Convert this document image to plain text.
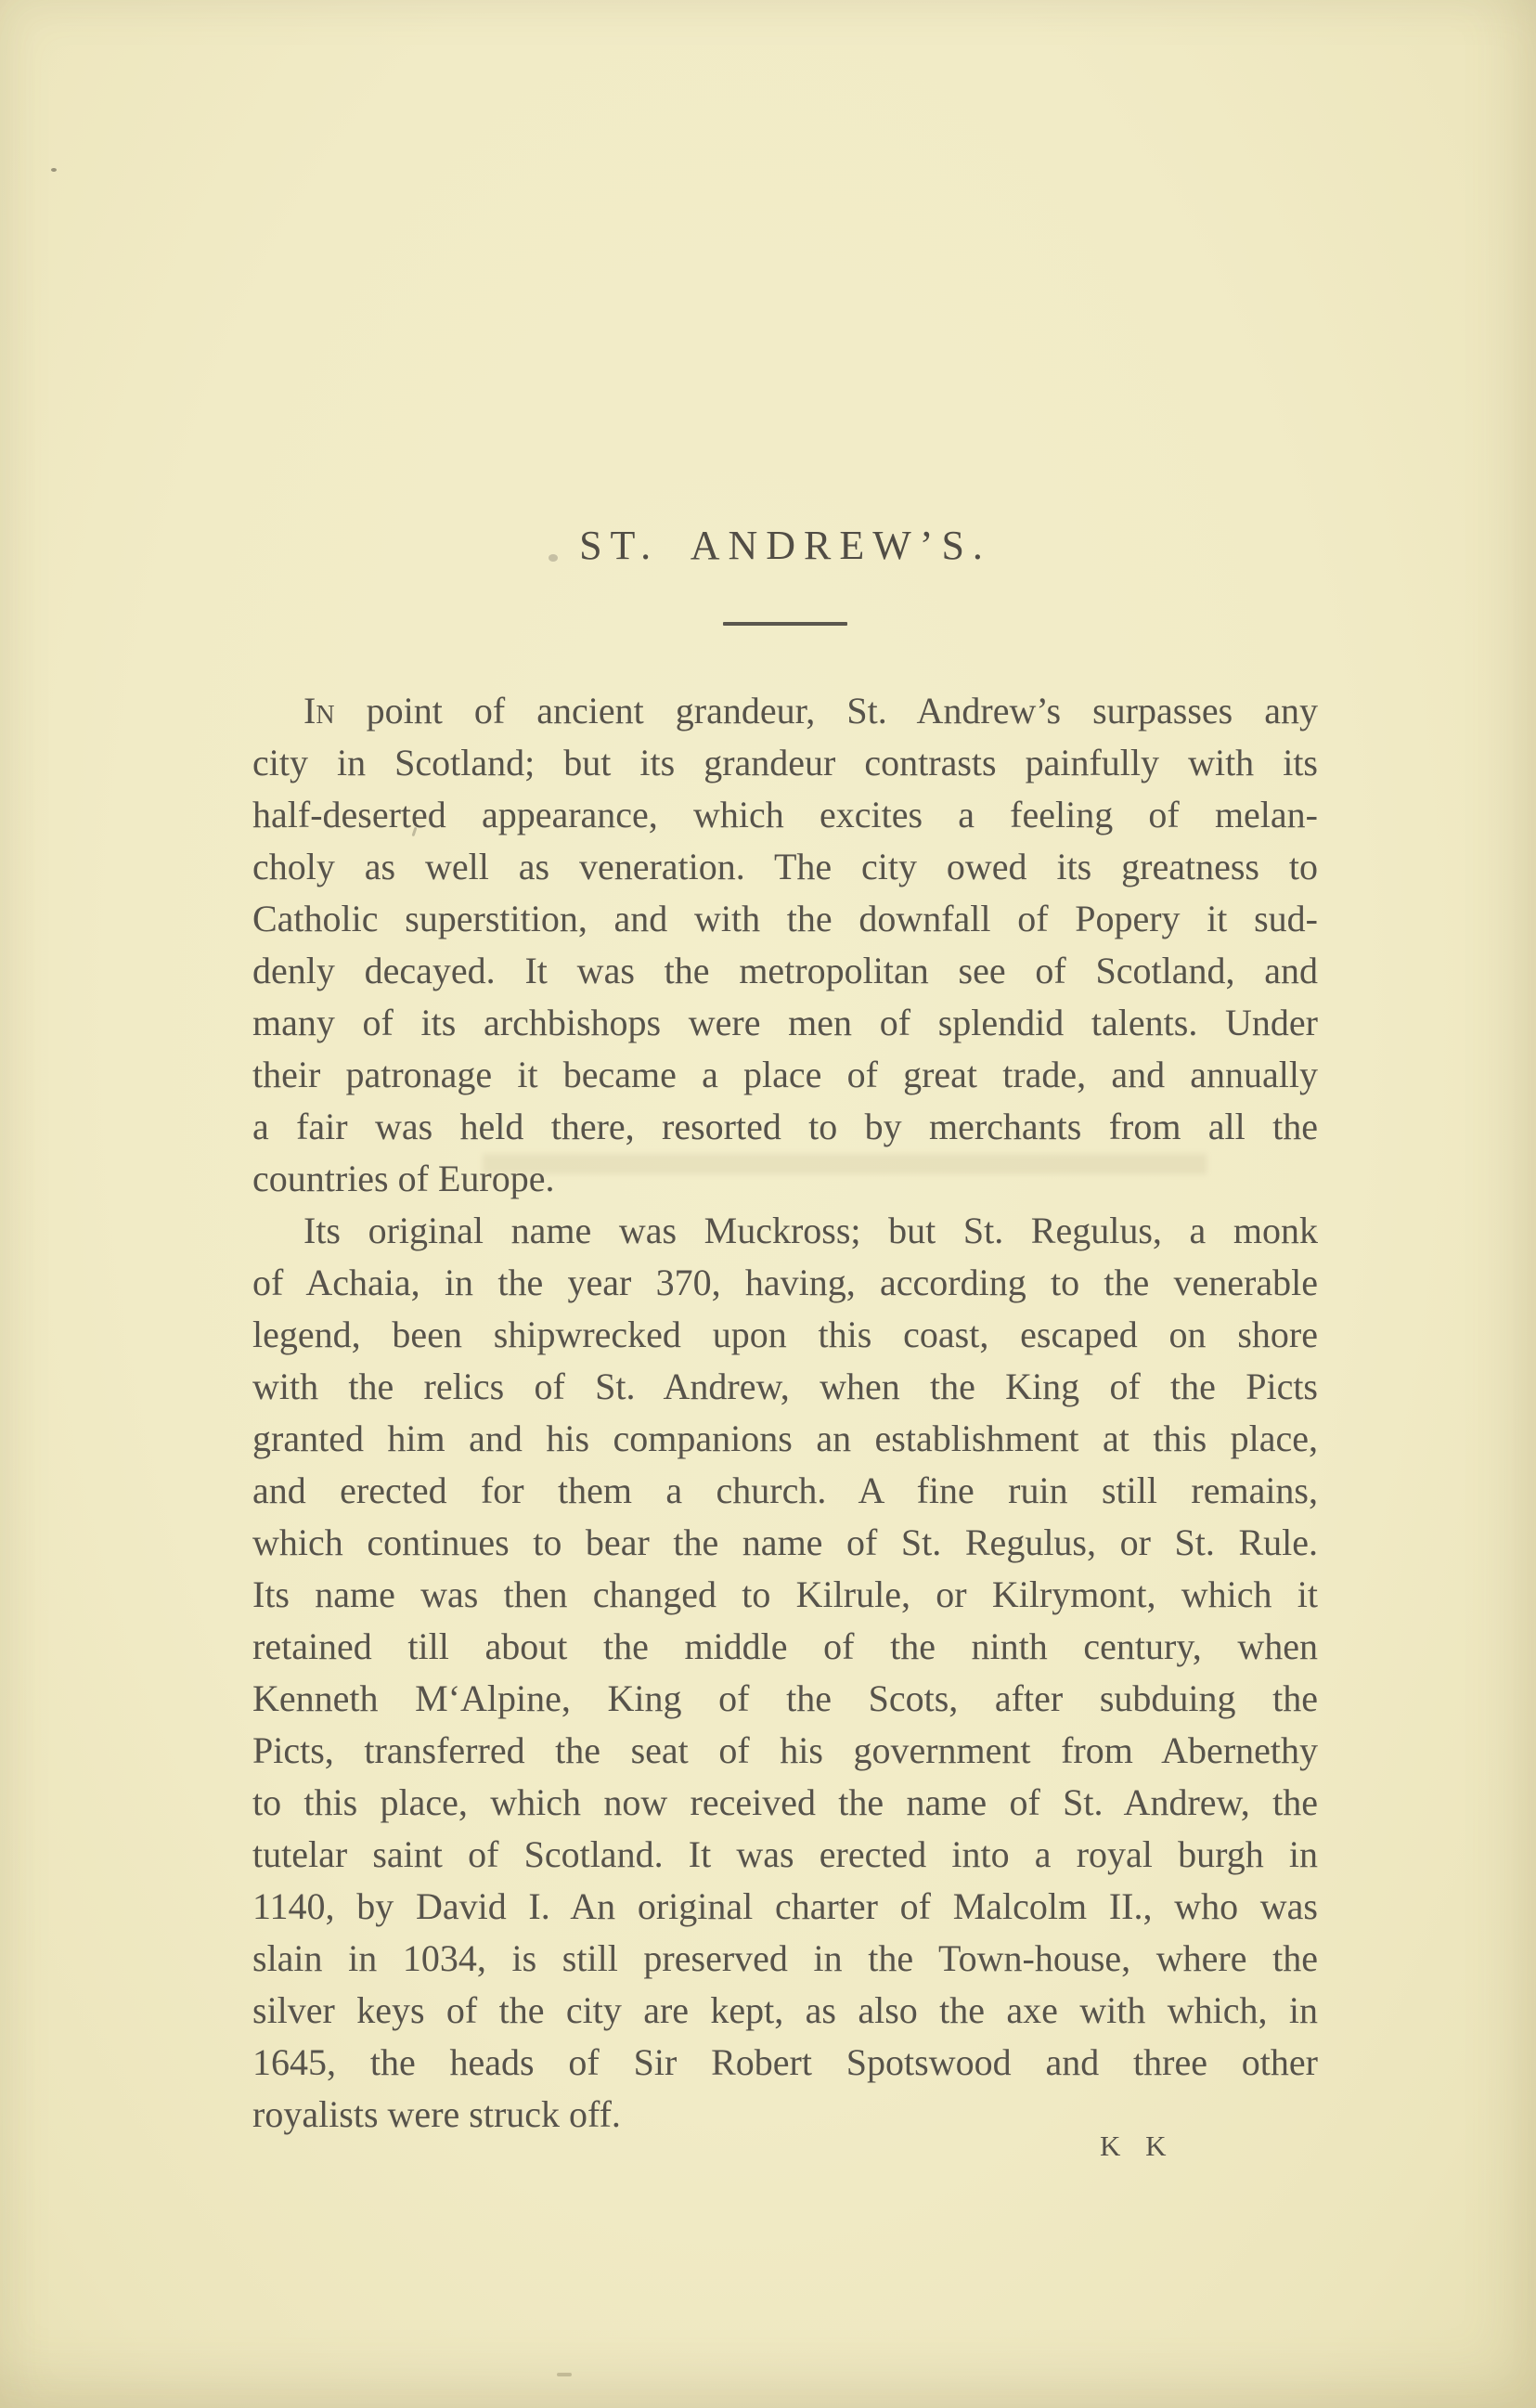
ST. ANDREW’S.
In point of ancient grandeur, St. Andrew’s surpasses any
city in Scotland; but its grandeur contrasts painfully with its
half-deserted appearance, which excites a feeling of melan-
choly as well as veneration. The city owed its greatness to
Catholic superstition, and with the downfall of Popery it sud-
denly decayed. It was the metropolitan see of Scotland, and
many of its archbishops were men of splendid talents. Under
their patronage it became a place of great trade, and annually
a fair was held there, resorted to by merchants from all the
countries of Europe.
Its original name was Muckross; but St. Regulus, a monk
of Achaia, in the year 370, having, according to the venerable
legend, been shipwrecked upon this coast, escaped on shore
with the relics of St. Andrew, when the King of the Picts
granted him and his companions an establishment at this place,
and erected for them a church. A fine ruin still remains,
which continues to bear the name of St. Regulus, or St. Rule.
Its name was then changed to Kilrule, or Kilrymont, which it
retained till about the middle of the ninth century, when
Kenneth M‘Alpine, King of the Scots, after subduing the
Picts, transferred the seat of his government from Abernethy
to this place, which now received the name of St. Andrew, the
tutelar saint of Scotland. It was erected into a royal burgh in
1140, by David I. An original charter of Malcolm II., who was
slain in 1034, is still preserved in the Town-house, where the
silver keys of the city are kept, as also the axe with which, in
1645, the heads of Sir Robert Spotswood and three other
royalists were struck off.
K K
